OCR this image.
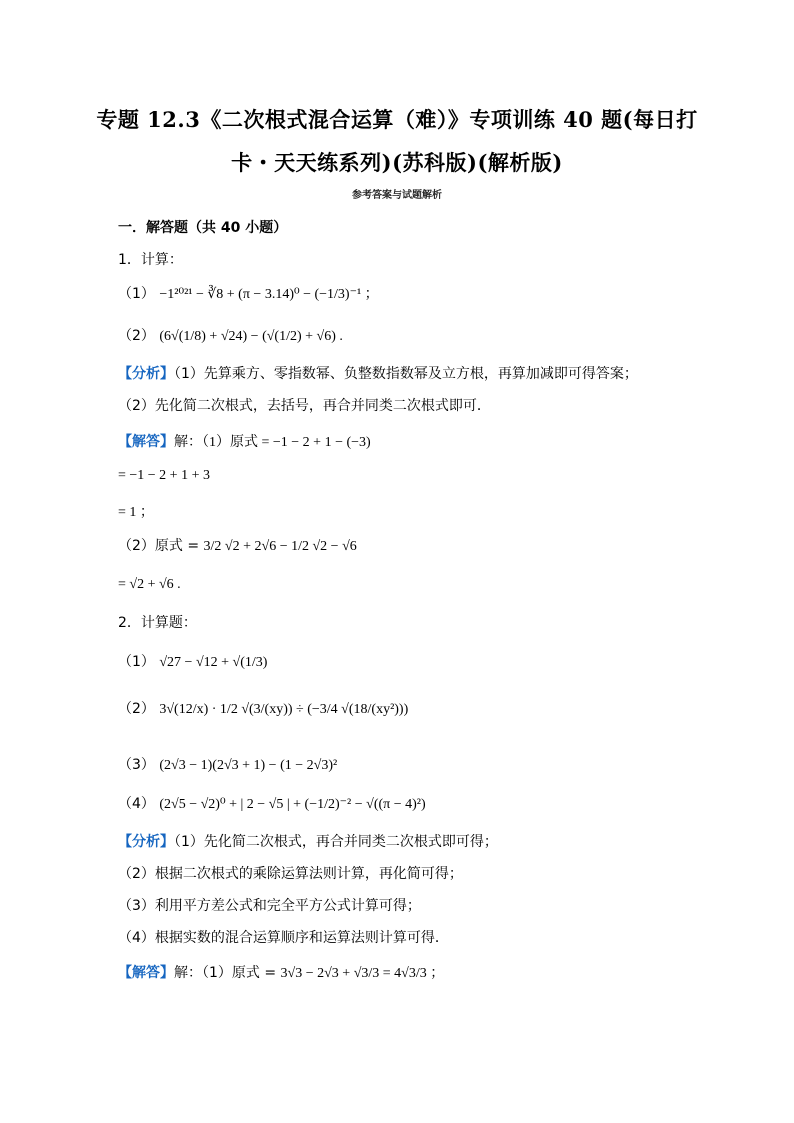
专题 12.3《二次根式混合运算（难）》专项训练 40 题(每日打
卡・天天练系列)(苏科版)(解析版)
参考答案与试题解析
一．解答题（共 40 小题）
1．计算：
（1） −1²⁰²¹ − ∛8 + (π − 3.14)⁰ − (−1/3)⁻¹ ；
（2） (6√(1/8) + √24) − (√(1/2) + √6) .
【分析】（1）先算乘方、零指数幂、负整数指数幂及立方根，再算加减即可得答案；
（2）先化简二次根式，去括号，再合并同类二次根式即可．
【解答】解：（1）原式 = −1 − 2 + 1 − (−3)
= −1 − 2 + 1 + 3
= 1 ；
（2）原式 = 3/2 √2 + 2√6 − 1/2 √2 − √6
= √2 + √6 .
2．计算题：
（1） √27 − √12 + √(1/3)
（2） 3√(12/x) · 1/2 √(3/(xy)) ÷ (−3/4 √(18/(xy²)))
（3） (2√3 − 1)(2√3 + 1) − (1 − 2√3)²
（4） (2√5 − √2)⁰ + | 2 − √5 | + (−1/2)⁻² − √((π − 4)²)
【分析】（1）先化简二次根式，再合并同类二次根式即可得；
（2）根据二次根式的乘除运算法则计算，再化简可得；
（3）利用平方差公式和完全平方公式计算可得；
（4）根据实数的混合运算顺序和运算法则计算可得．
【解答】解：（1）原式 = 3√3 − 2√3 + √3/3 = 4√3/3 ；
